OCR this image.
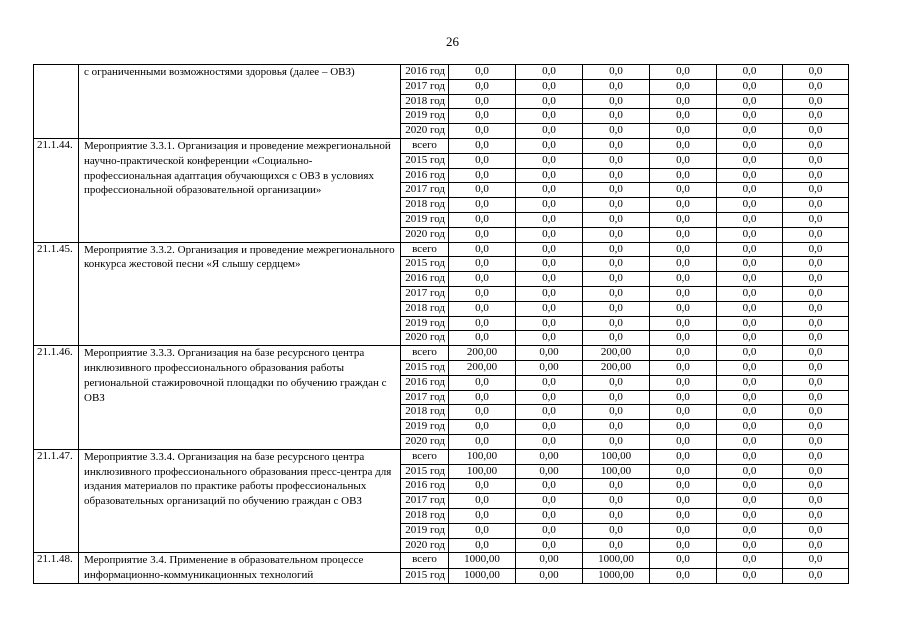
26
	с ограниченными возможностями здоровья (далее – ОВЗ)	2016 год	0,0	0,0	0,0	0,0	0,0	0,0
		2017 год	0,0	0,0	0,0	0,0	0,0	0,0
		2018 год	0,0	0,0	0,0	0,0	0,0	0,0
		2019 год	0,0	0,0	0,0	0,0	0,0	0,0
		2020 год	0,0	0,0	0,0	0,0	0,0	0,0
21.1.44.	Мероприятие 3.3.1. Организация и проведение межрегиональной научно-практической конференции «Социально-профессиональная адаптация обучающихся с ОВЗ в условиях профессиональной образовательной организации»	всего	0,0	0,0	0,0	0,0	0,0	0,0
		2015 год	0,0	0,0	0,0	0,0	0,0	0,0
		2016 год	0,0	0,0	0,0	0,0	0,0	0,0
		2017 год	0,0	0,0	0,0	0,0	0,0	0,0
		2018 год	0,0	0,0	0,0	0,0	0,0	0,0
		2019 год	0,0	0,0	0,0	0,0	0,0	0,0
		2020 год	0,0	0,0	0,0	0,0	0,0	0,0
21.1.45.	Мероприятие 3.3.2. Организация и проведение межрегионального конкурса жестовой песни «Я слышу сердцем»	всего	0,0	0,0	0,0	0,0	0,0	0,0
		2015 год	0,0	0,0	0,0	0,0	0,0	0,0
		2016 год	0,0	0,0	0,0	0,0	0,0	0,0
		2017 год	0,0	0,0	0,0	0,0	0,0	0,0
		2018 год	0,0	0,0	0,0	0,0	0,0	0,0
		2019 год	0,0	0,0	0,0	0,0	0,0	0,0
		2020 год	0,0	0,0	0,0	0,0	0,0	0,0
21.1.46.	Мероприятие 3.3.3. Организация на базе ресурсного центра инклюзивного профессионального образования работы региональной стажировочной площадки по обучению граждан с ОВЗ	всего	200,00	0,00	200,00	0,0	0,0	0,0
		2015 год	200,00	0,00	200,00	0,0	0,0	0,0
		2016 год	0,0	0,0	0,0	0,0	0,0	0,0
		2017 год	0,0	0,0	0,0	0,0	0,0	0,0
		2018 год	0,0	0,0	0,0	0,0	0,0	0,0
		2019 год	0,0	0,0	0,0	0,0	0,0	0,0
		2020 год	0,0	0,0	0,0	0,0	0,0	0,0
21.1.47.	Мероприятие 3.3.4. Организация на базе ресурсного центра инклюзивного профессионального образования пресс-центра для издания материалов по практике работы профессиональных образовательных организаций по обучению граждан с ОВЗ	всего	100,00	0,00	100,00	0,0	0,0	0,0
		2015 год	100,00	0,00	100,00	0,0	0,0	0,0
		2016 год	0,0	0,0	0,0	0,0	0,0	0,0
		2017 год	0,0	0,0	0,0	0,0	0,0	0,0
		2018 год	0,0	0,0	0,0	0,0	0,0	0,0
		2019 год	0,0	0,0	0,0	0,0	0,0	0,0
		2020 год	0,0	0,0	0,0	0,0	0,0	0,0
21.1.48.	Мероприятие 3.4. Применение в образовательном процессе информационно-коммуникационных технологий	всего	1000,00	0,00	1000,00	0,0	0,0	0,0
		2015 год	1000,00	0,00	1000,00	0,0	0,0	0,0
